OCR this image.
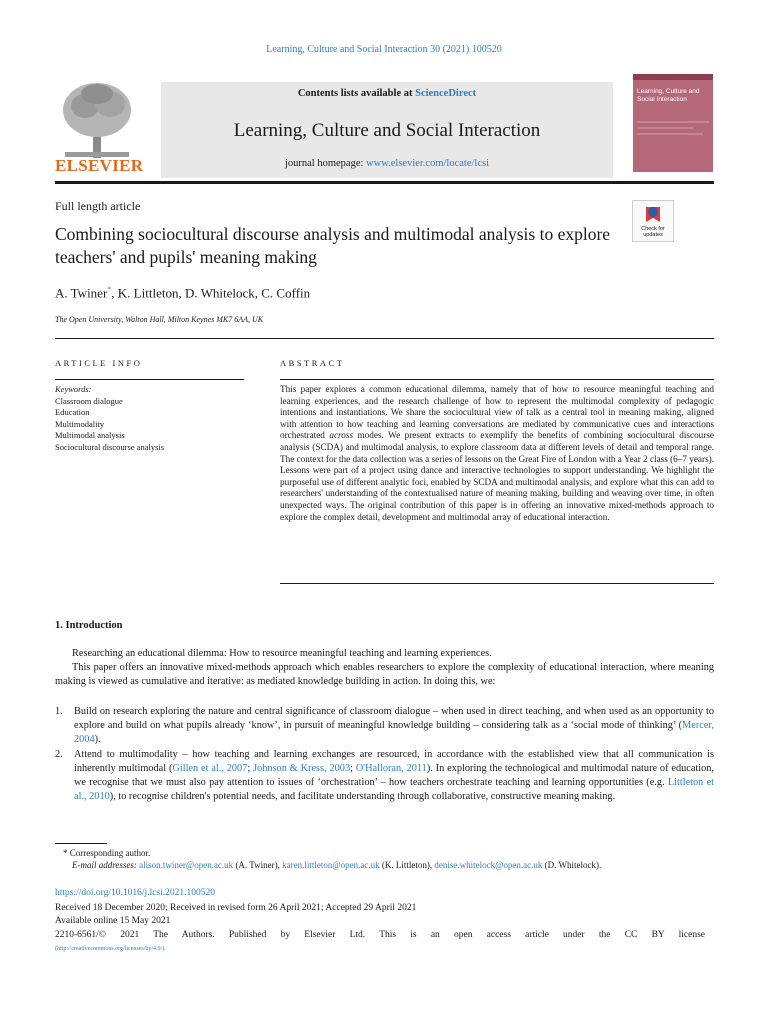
Learning, Culture and Social Interaction 30 (2021) 100520
ELSEVIER
Contents lists available at ScienceDirect
Learning, Culture and Social Interaction
journal homepage: www.elsevier.com/locate/lcsi
Learning, Culture and Social Interaction
Full length article
Combining sociocultural discourse analysis and multimodal analysis to explore teachers' and pupils' meaning making
Check for updates
A. Twiner*, K. Littleton, D. Whitelock, C. Coffin
The Open University, Walton Hall, Milton Keynes MK7 6AA, UK
ARTICLE INFO
Keywords:
Classroom dialogue
Education
Multimodality
Multimodal analysis
Sociocultural discourse analysis
ABSTRACT
This paper explores a common educational dilemma, namely that of how to resource meaningful teaching and learning experiences, and the research challenge of how to represent the multimodal complexity of pedagogic intentions and instantiations. We share the sociocultural view of talk as a central tool in meaning making, aligned with attention to how teaching and learning conversations are mediated by communicative cues and interactions orchestrated across modes. We present extracts to exemplify the benefits of combining sociocultural discourse analysis (SCDA) and multimodal analysis, to explore classroom data at different levels of detail and temporal range. The context for the data collection was a series of lessons on the Great Fire of London with a Year 2 class (6–7 years). Lessons were part of a project using dance and interactive technologies to support understanding. We highlight the purposeful use of different analytic foci, enabled by SCDA and multimodal analysis, and explore what this can add to researchers' understanding of the contextualised nature of meaning making, building and weaving over time, in often unexpected ways. The original contribution of this paper is in offering an innovative mixed-methods approach to explore the complex detail, development and multimodal array of educational interaction.
1. Introduction
Researching an educational dilemma: How to resource meaningful teaching and learning experiences.
This paper offers an innovative mixed-methods approach which enables researchers to explore the complexity of educational interaction, where meaning making is viewed as cumulative and iterative: as mediated knowledge building in action. In doing this, we:
1. Build on research exploring the nature and central significance of classroom dialogue – when used in direct teaching, and when used as an opportunity to explore and build on what pupils already ‘know’, in pursuit of meaningful knowledge building – considering talk as a ‘social mode of thinking’ (Mercer, 2004).
2. Attend to multimodality – how teaching and learning exchanges are resourced, in accordance with the established view that all communication is inherently multimodal (Gillen et al., 2007; Johnson & Kress, 2003; O'Halloran, 2011). In exploring the technological and multimodal nature of education, we recognise that we must also pay attention to issues of ‘orchestration’ – how teachers orchestrate teaching and learning opportunities (e.g. Littleton et al., 2010), to recognise children's potential needs, and facilitate understanding through collaborative, constructive meaning making.
* Corresponding author.
E-mail addresses: alison.twiner@open.ac.uk (A. Twiner), karen.littleton@open.ac.uk (K. Littleton), denise.whitelock@open.ac.uk (D. Whitelock).
https://doi.org/10.1016/j.lcsi.2021.100520
Received 18 December 2020; Received in revised form 26 April 2021; Accepted 29 April 2021
Available online 15 May 2021
2210-6561/© 2021 The Authors. Published by Elsevier Ltd. This is an open access article under the CC BY license
(http://creativecommons.org/licenses/by/4.0/).
